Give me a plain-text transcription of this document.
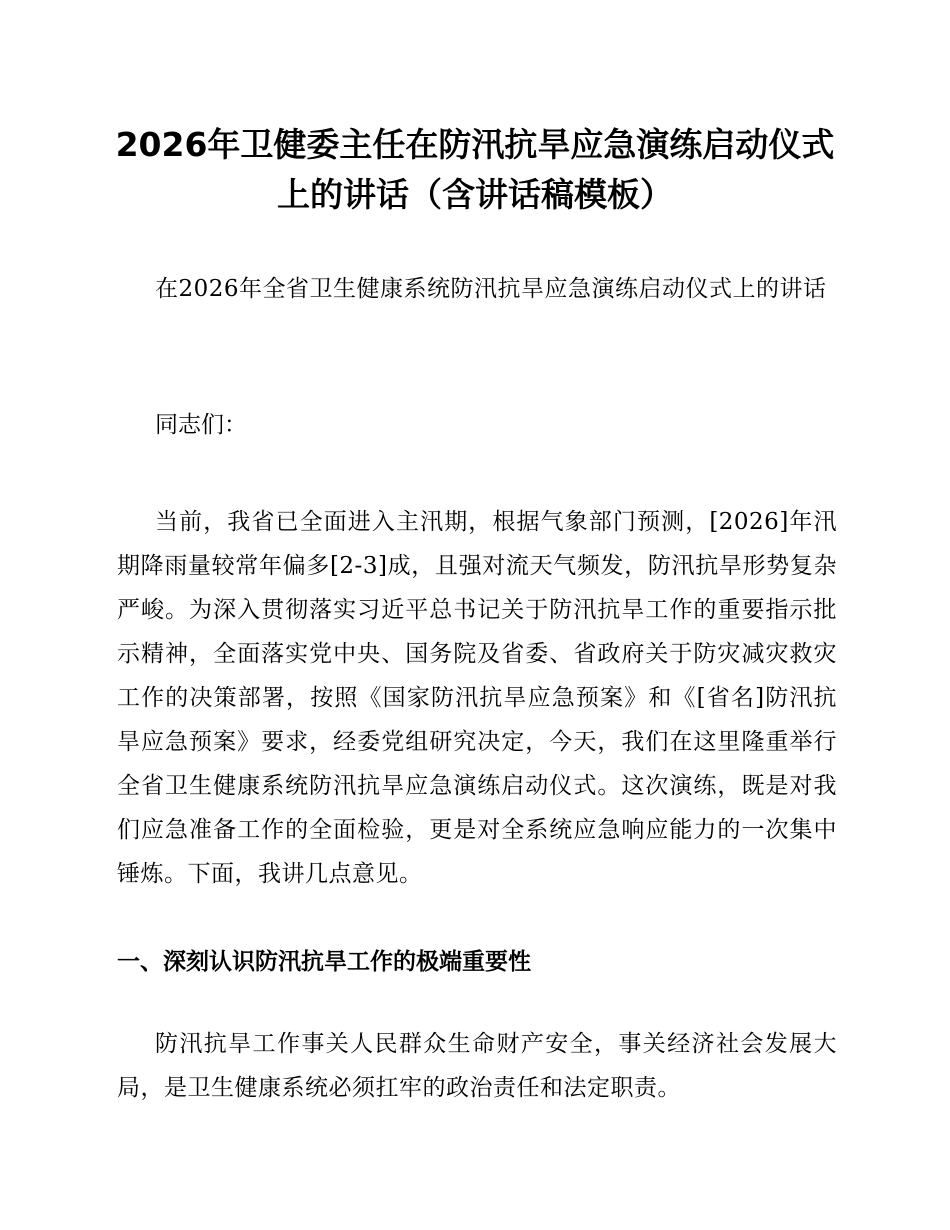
2026年卫健委主任在防汛抗旱应急演练启动仪式上的讲话（含讲话稿模板）

在2026年全省卫生健康系统防汛抗旱应急演练启动仪式上的讲话

同志们：

当前，我省已全面进入主汛期，根据气象部门预测，[2026]年汛期降雨量较常年偏多[2-3]成，且强对流天气频发，防汛抗旱形势复杂严峻。为深入贯彻落实习近平总书记关于防汛抗旱工作的重要指示批示精神，全面落实党中央、国务院及省委、省政府关于防灾减灾救灾工作的决策部署，按照《国家防汛抗旱应急预案》和《[省名]防汛抗旱应急预案》要求，经委党组研究决定，今天，我们在这里隆重举行全省卫生健康系统防汛抗旱应急演练启动仪式。这次演练，既是对我们应急准备工作的全面检验，更是对全系统应急响应能力的一次集中锤炼。下面，我讲几点意见。

一、深刻认识防汛抗旱工作的极端重要性

防汛抗旱工作事关人民群众生命财产安全，事关经济社会发展大局，是卫生健康系统必须扛牢的政治责任和法定职责。
